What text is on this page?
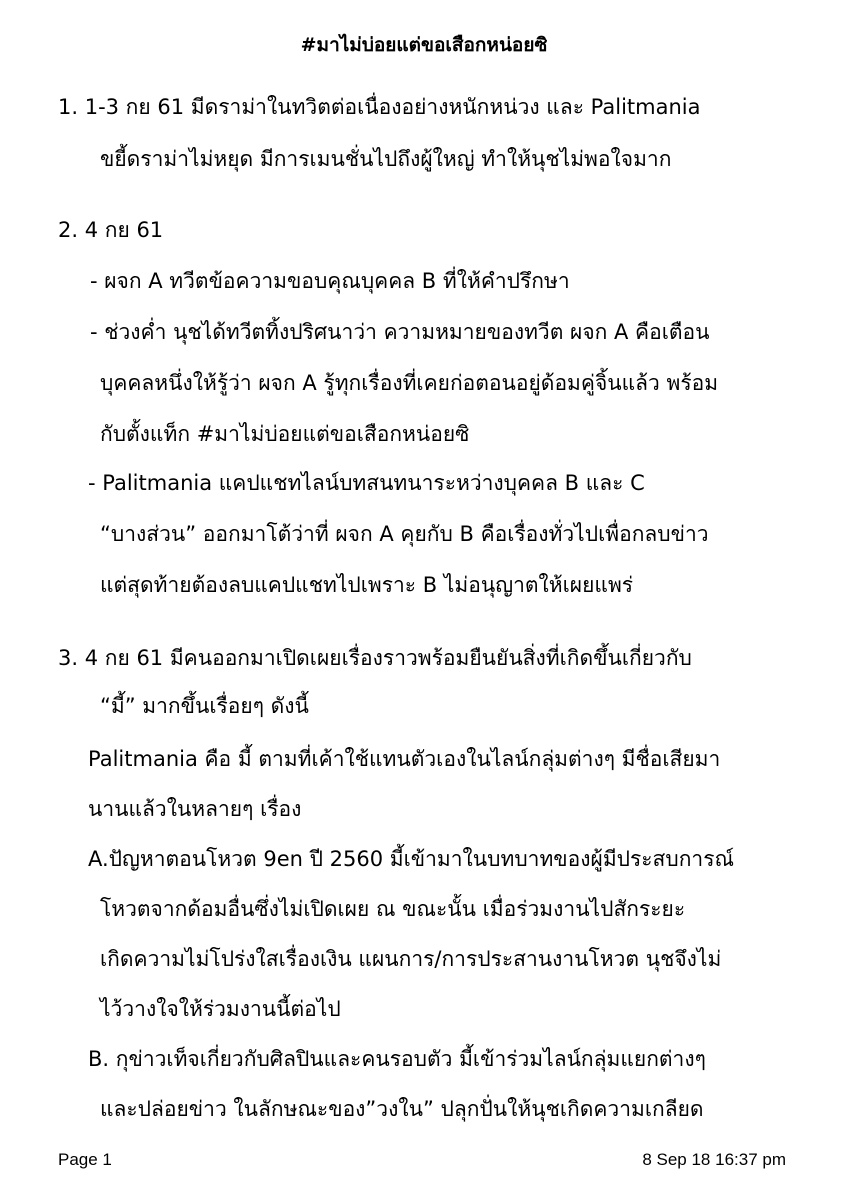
#มาไม่บ่อยแต่ขอเสือกหน่อยซิ
1. 1-3 กย 61 มีดราม่าในทวิตต่อเนื่องอย่างหนักหน่วง และ Palitmania
ขยี้ดราม่าไม่หยุด มีการเมนชั่นไปถึงผู้ใหญ่ ทำให้นุชไม่พอใจมาก
2. 4 กย 61
- ผจก A ทวีตข้อความขอบคุณบุคคล B ที่ให้คำปรึกษา
- ช่วงค่ำ นุชได้ทวีตทิ้งปริศนาว่า ความหมายของทวีต ผจก A คือเตือน
บุคคลหนึ่งให้รู้ว่า ผจก A รู้ทุกเรื่องที่เคยก่อตอนอยู่ด้อมคู่จิ้นแล้ว พร้อม
กับตั้งแท็ก #มาไม่บ่อยแต่ขอเสือกหน่อยซิ
- Palitmania แคปแชทไลน์บทสนทนาระหว่างบุคคล B และ C
“บางส่วน” ออกมาโต้ว่าที่ ผจก A คุยกับ B คือเรื่องทั่วไปเพื่อกลบข่าว
แต่สุดท้ายต้องลบแคปแชทไปเพราะ B ไม่อนุญาตให้เผยแพร่
3. 4 กย 61 มีคนออกมาเปิดเผยเรื่องราวพร้อมยืนยันสิ่งที่เกิดขึ้นเกี่ยวกับ
“มี้” มากขึ้นเรื่อยๆ ดังนี้
Palitmania คือ มี้ ตามที่เค้าใช้แทนตัวเองในไลน์กลุ่มต่างๆ มีชื่อเสียมา
นานแล้วในหลายๆ เรื่อง
A.ปัญหาตอนโหวต 9en ปี 2560 มี้เข้ามาในบทบาทของผู้มีประสบการณ์
โหวตจากด้อมอื่นซึ่งไม่เปิดเผย ณ ขณะนั้น เมื่อร่วมงานไปสักระยะ
เกิดความไม่โปร่งใสเรื่องเงิน แผนการ/การประสานงานโหวต นุชจึงไม่
ไว้วางใจให้ร่วมงานนี้ต่อไป
B. กุข่าวเท็จเกี่ยวกับศิลปินและคนรอบตัว มี้เข้าร่วมไลน์กลุ่มแยกต่างๆ
และปล่อยข่าว ในลักษณะของ”วงใน” ปลุกปั่นให้นุชเกิดความเกลียด
Page 1	8 Sep 18 16:37 pm
